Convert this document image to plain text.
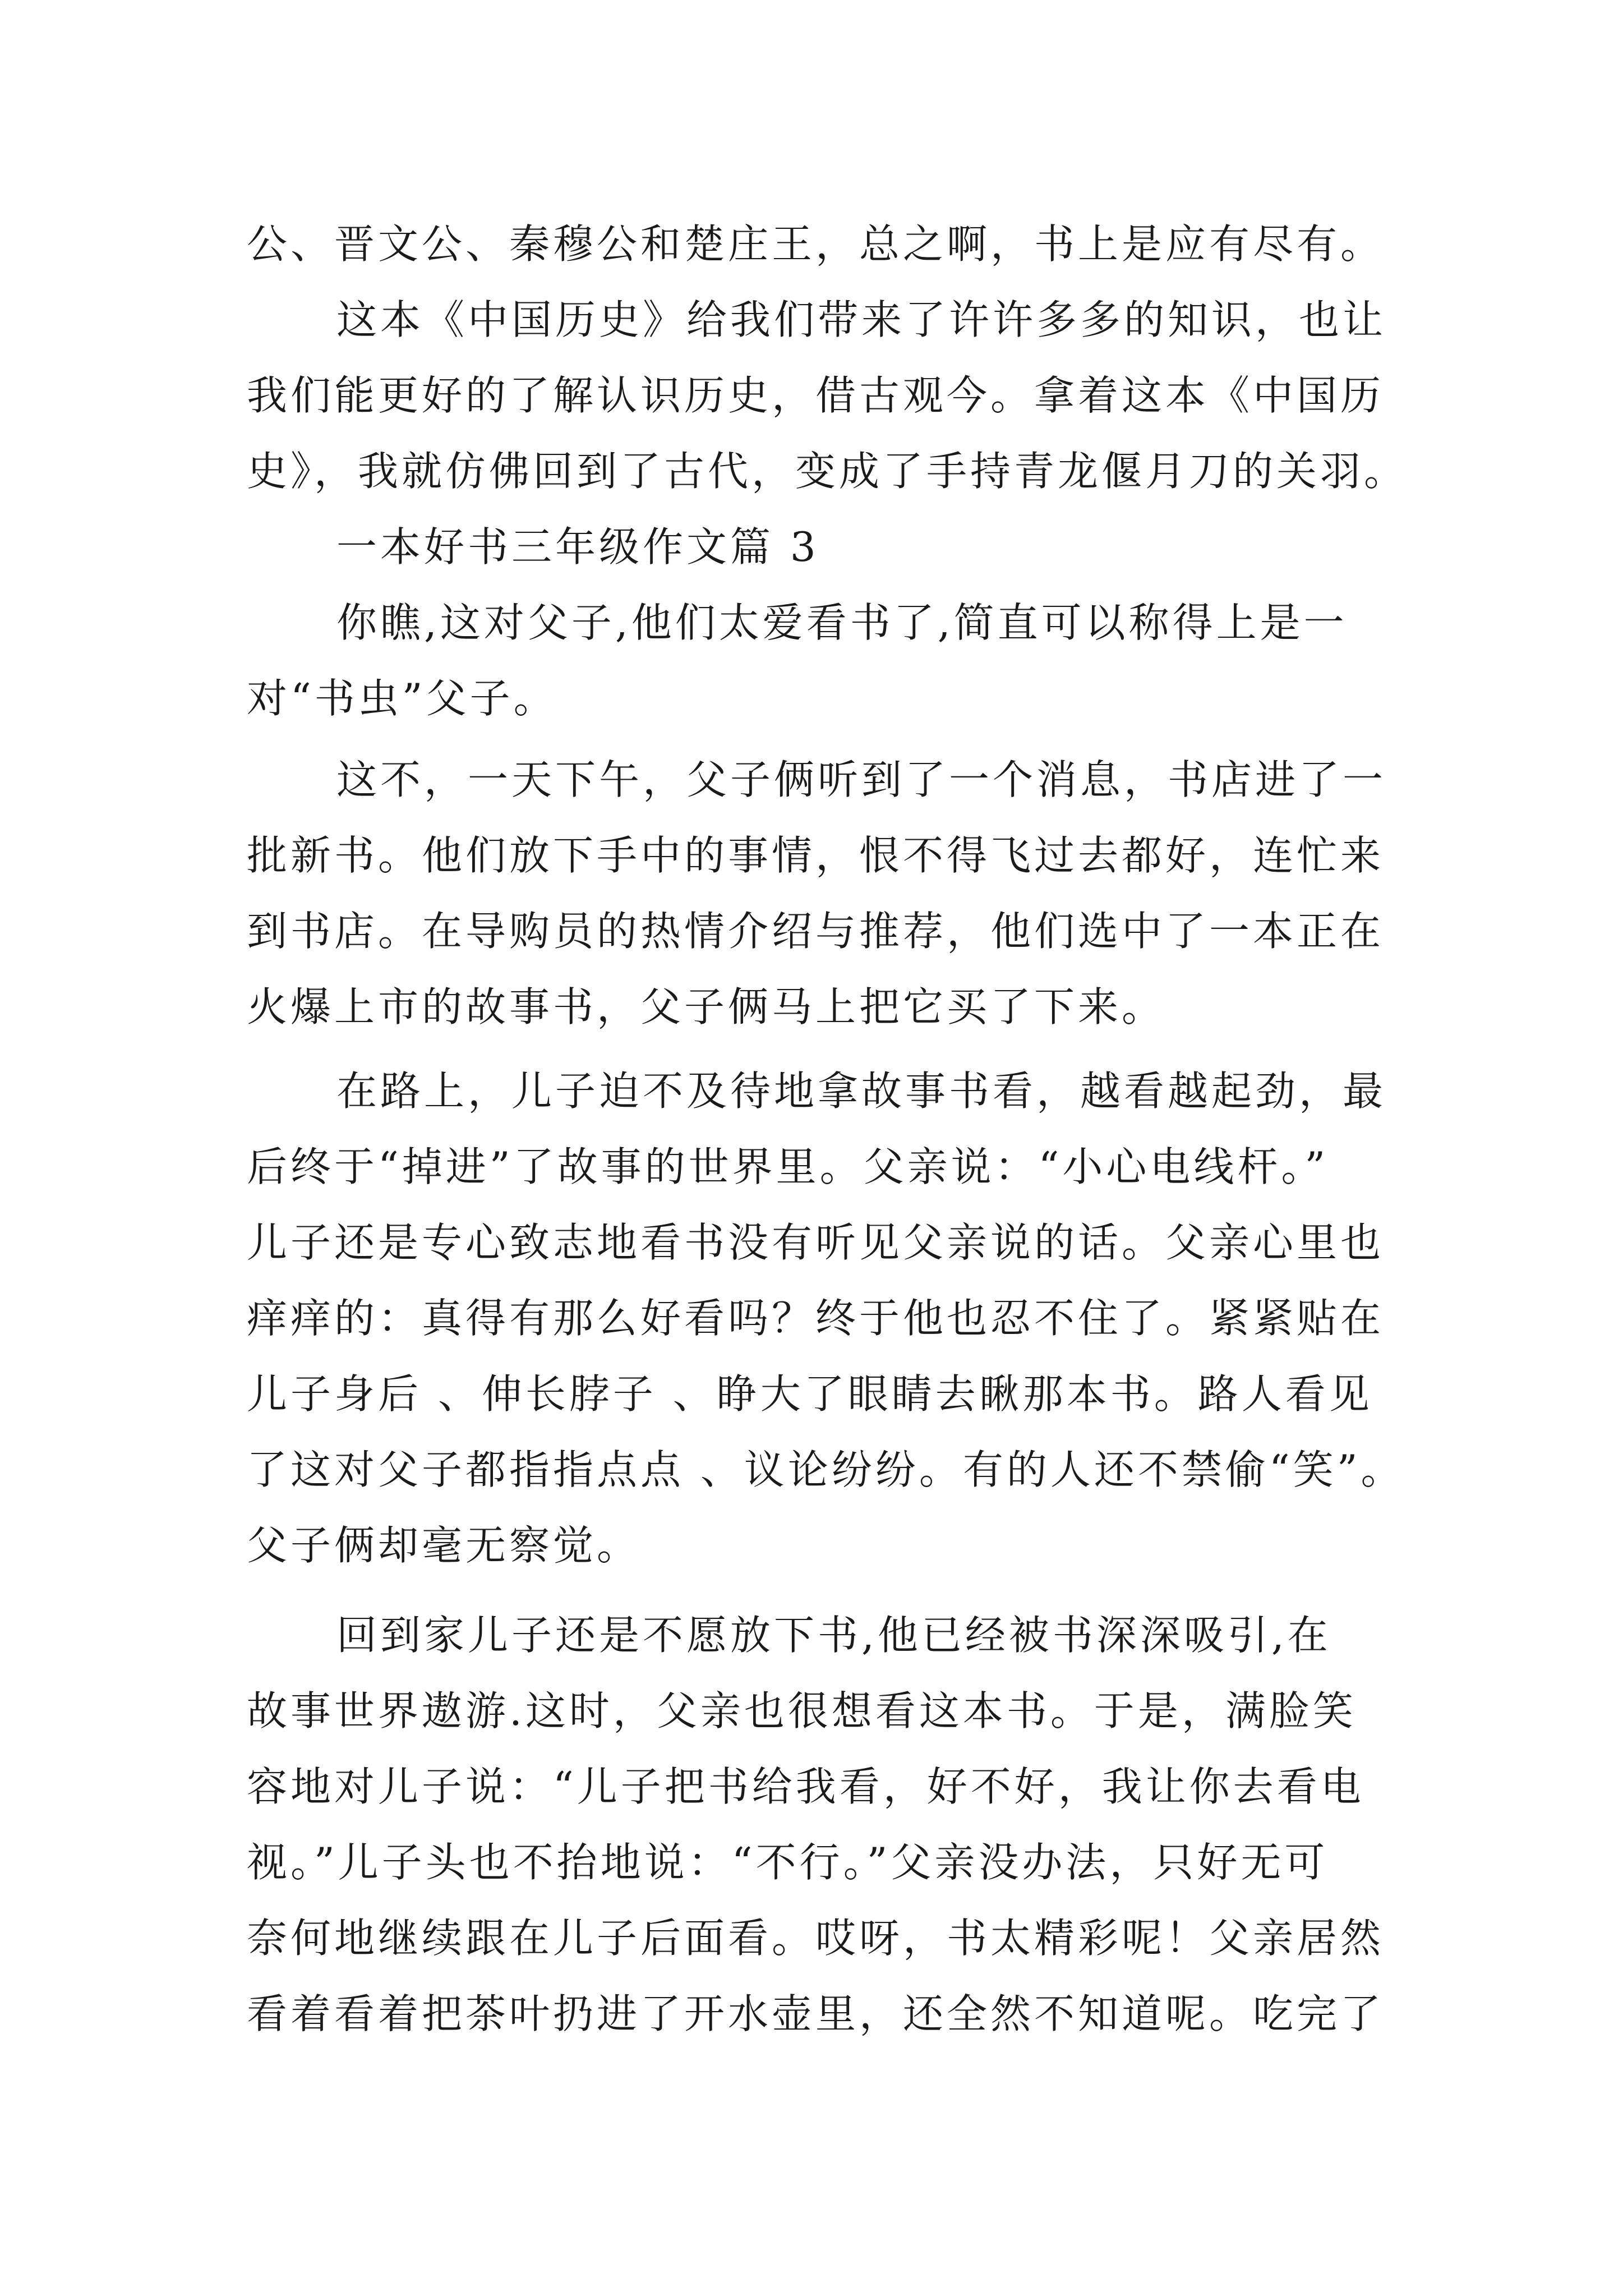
公、晋文公、秦穆公和楚庄王，总之啊，书上是应有尽有。
这本《中国历史》给我们带来了许许多多的知识，也让
我们能更好的了解认识历史，借古观今。拿着这本《中国历
史》，我就仿佛回到了古代，变成了手持青龙偃月刀的关羽。
一本好书三年级作文篇 3
你瞧,这对父子,他们太爱看书了,简直可以称得上是一
对“书虫”父子。
这不，一天下午，父子俩听到了一个消息，书店进了一
批新书。他们放下手中的事情，恨不得飞过去都好，连忙来
到书店。在导购员的热情介绍与推荐，他们选中了一本正在
火爆上市的故事书，父子俩马上把它买了下来。
在路上，儿子迫不及待地拿故事书看，越看越起劲，最
后终于“掉进”了故事的世界里。父亲说：“小心电线杆。”
儿子还是专心致志地看书没有听见父亲说的话。父亲心里也
痒痒的：真得有那么好看吗？终于他也忍不住了。紧紧贴在
儿子身后 、伸长脖子 、睁大了眼睛去瞅那本书。路人看见
了这对父子都指指点点 、议论纷纷。有的人还不禁偷“笑”。
父子俩却毫无察觉。
回到家儿子还是不愿放下书,他已经被书深深吸引,在
故事世界遨游.这时，父亲也很想看这本书。于是，满脸笑
容地对儿子说：“儿子把书给我看，好不好，我让你去看电
视。”儿子头也不抬地说：“不行。”父亲没办法，只好无可
奈何地继续跟在儿子后面看。哎呀，书太精彩呢！父亲居然
看着看着把茶叶扔进了开水壶里，还全然不知道呢。吃完了
